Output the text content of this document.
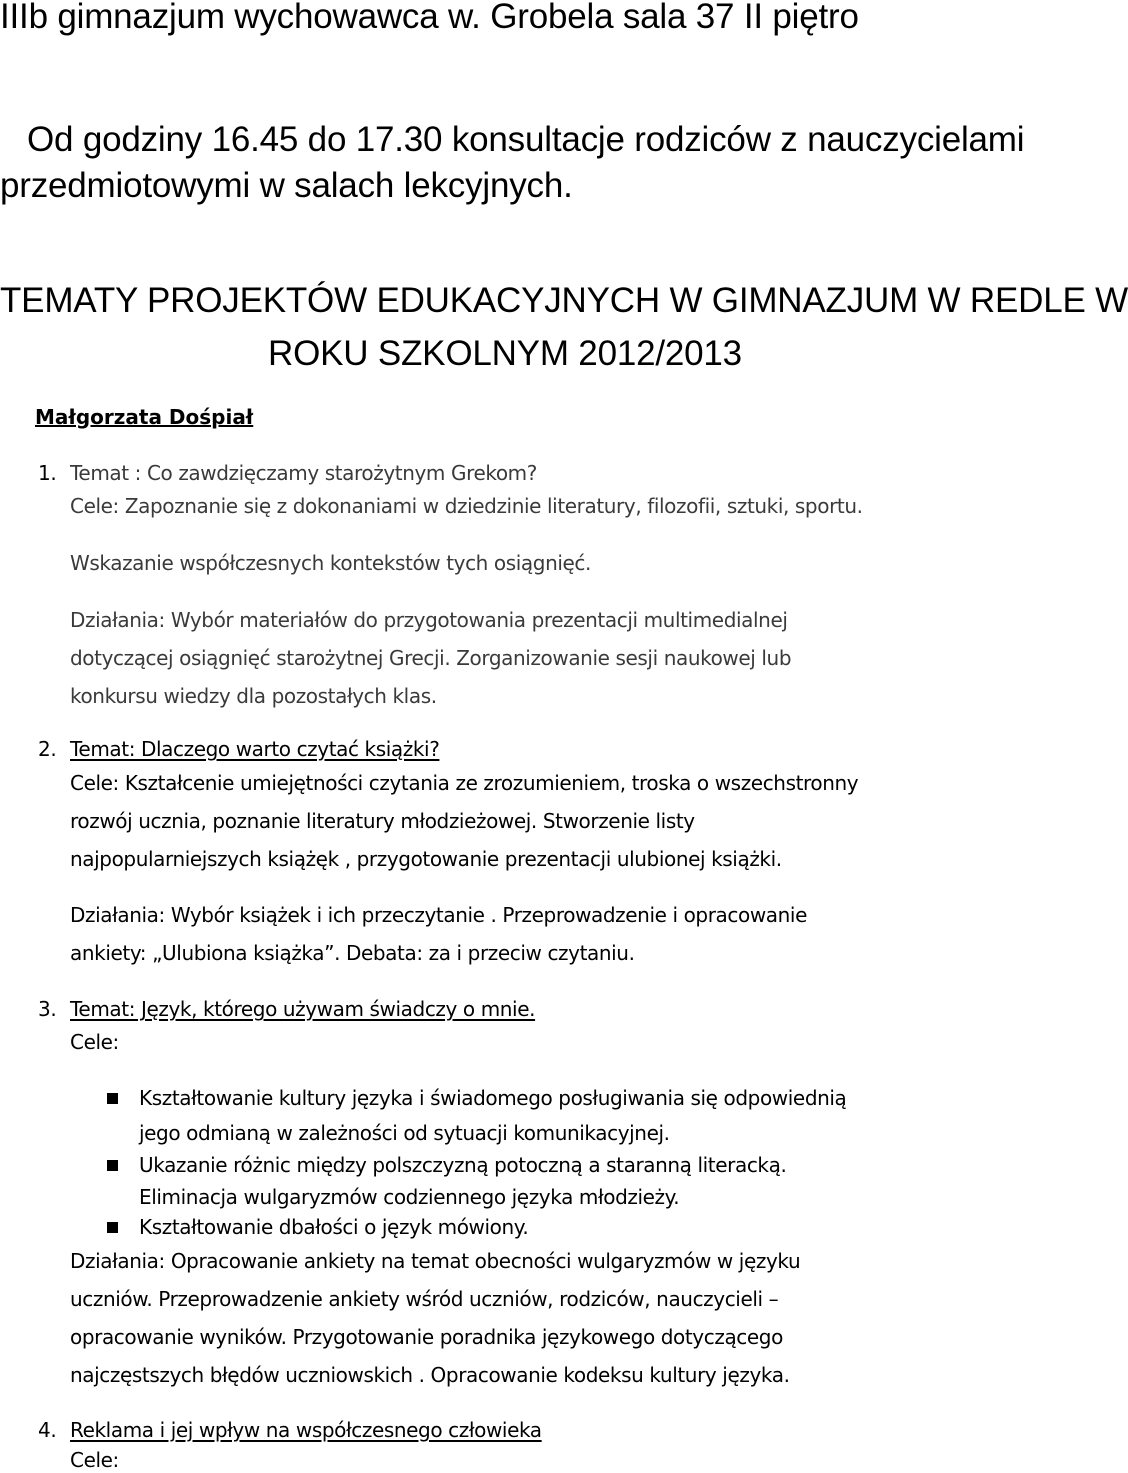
IIIb gimnazjum wychowawca w. Grobela sala 37 II piętro
Od godziny 16.45 do 17.30 konsultacje rodziców z nauczycielami
przedmiotowymi w salach lekcyjnych.
TEMATY PROJEKTÓW EDUKACYJNYCH W GIMNAZJUM W REDLE W
ROKU SZKOLNYM 2012/2013
Małgorzata Dośpiał
1. Temat : Co zawdzięczamy starożytnym Grekom?
Cele: Zapoznanie się z dokonaniami w dziedzinie literatury, filozofii, sztuki, sportu.
Wskazanie współczesnych kontekstów tych osiągnięć.
Działania: Wybór materiałów do przygotowania prezentacji multimedialnej
dotyczącej osiągnięć starożytnej Grecji. Zorganizowanie sesji naukowej lub
konkursu wiedzy dla pozostałych klas.
2. Temat: Dlaczego warto czytać książki?
Cele: Kształcenie umiejętności czytania ze zrozumieniem, troska o wszechstronny
rozwój ucznia, poznanie literatury młodzieżowej. Stworzenie listy
najpopularniejszych książęk , przygotowanie prezentacji ulubionej książki.
Działania: Wybór książek i ich przeczytanie . Przeprowadzenie i opracowanie
ankiety: „Ulubiona książka”. Debata: za i przeciw czytaniu.
3. Temat: Język, którego używam świadczy o mnie.
Cele:
Kształtowanie kultury języka i świadomego posługiwania się odpowiednią
jego odmianą w zależności od sytuacji komunikacyjnej.
Ukazanie różnic między polszczyzną potoczną a staranną literacką.
Eliminacja wulgaryzmów codziennego języka młodzieży.
Kształtowanie dbałości o język mówiony.
Działania: Opracowanie ankiety na temat obecności wulgaryzmów w języku
uczniów. Przeprowadzenie ankiety wśród uczniów, rodziców, nauczycieli –
opracowanie wyników. Przygotowanie poradnika językowego dotyczącego
najczęstszych błędów uczniowskich . Opracowanie kodeksu kultury języka.
4. Reklama i jej wpływ na współczesnego człowieka
Cele:
